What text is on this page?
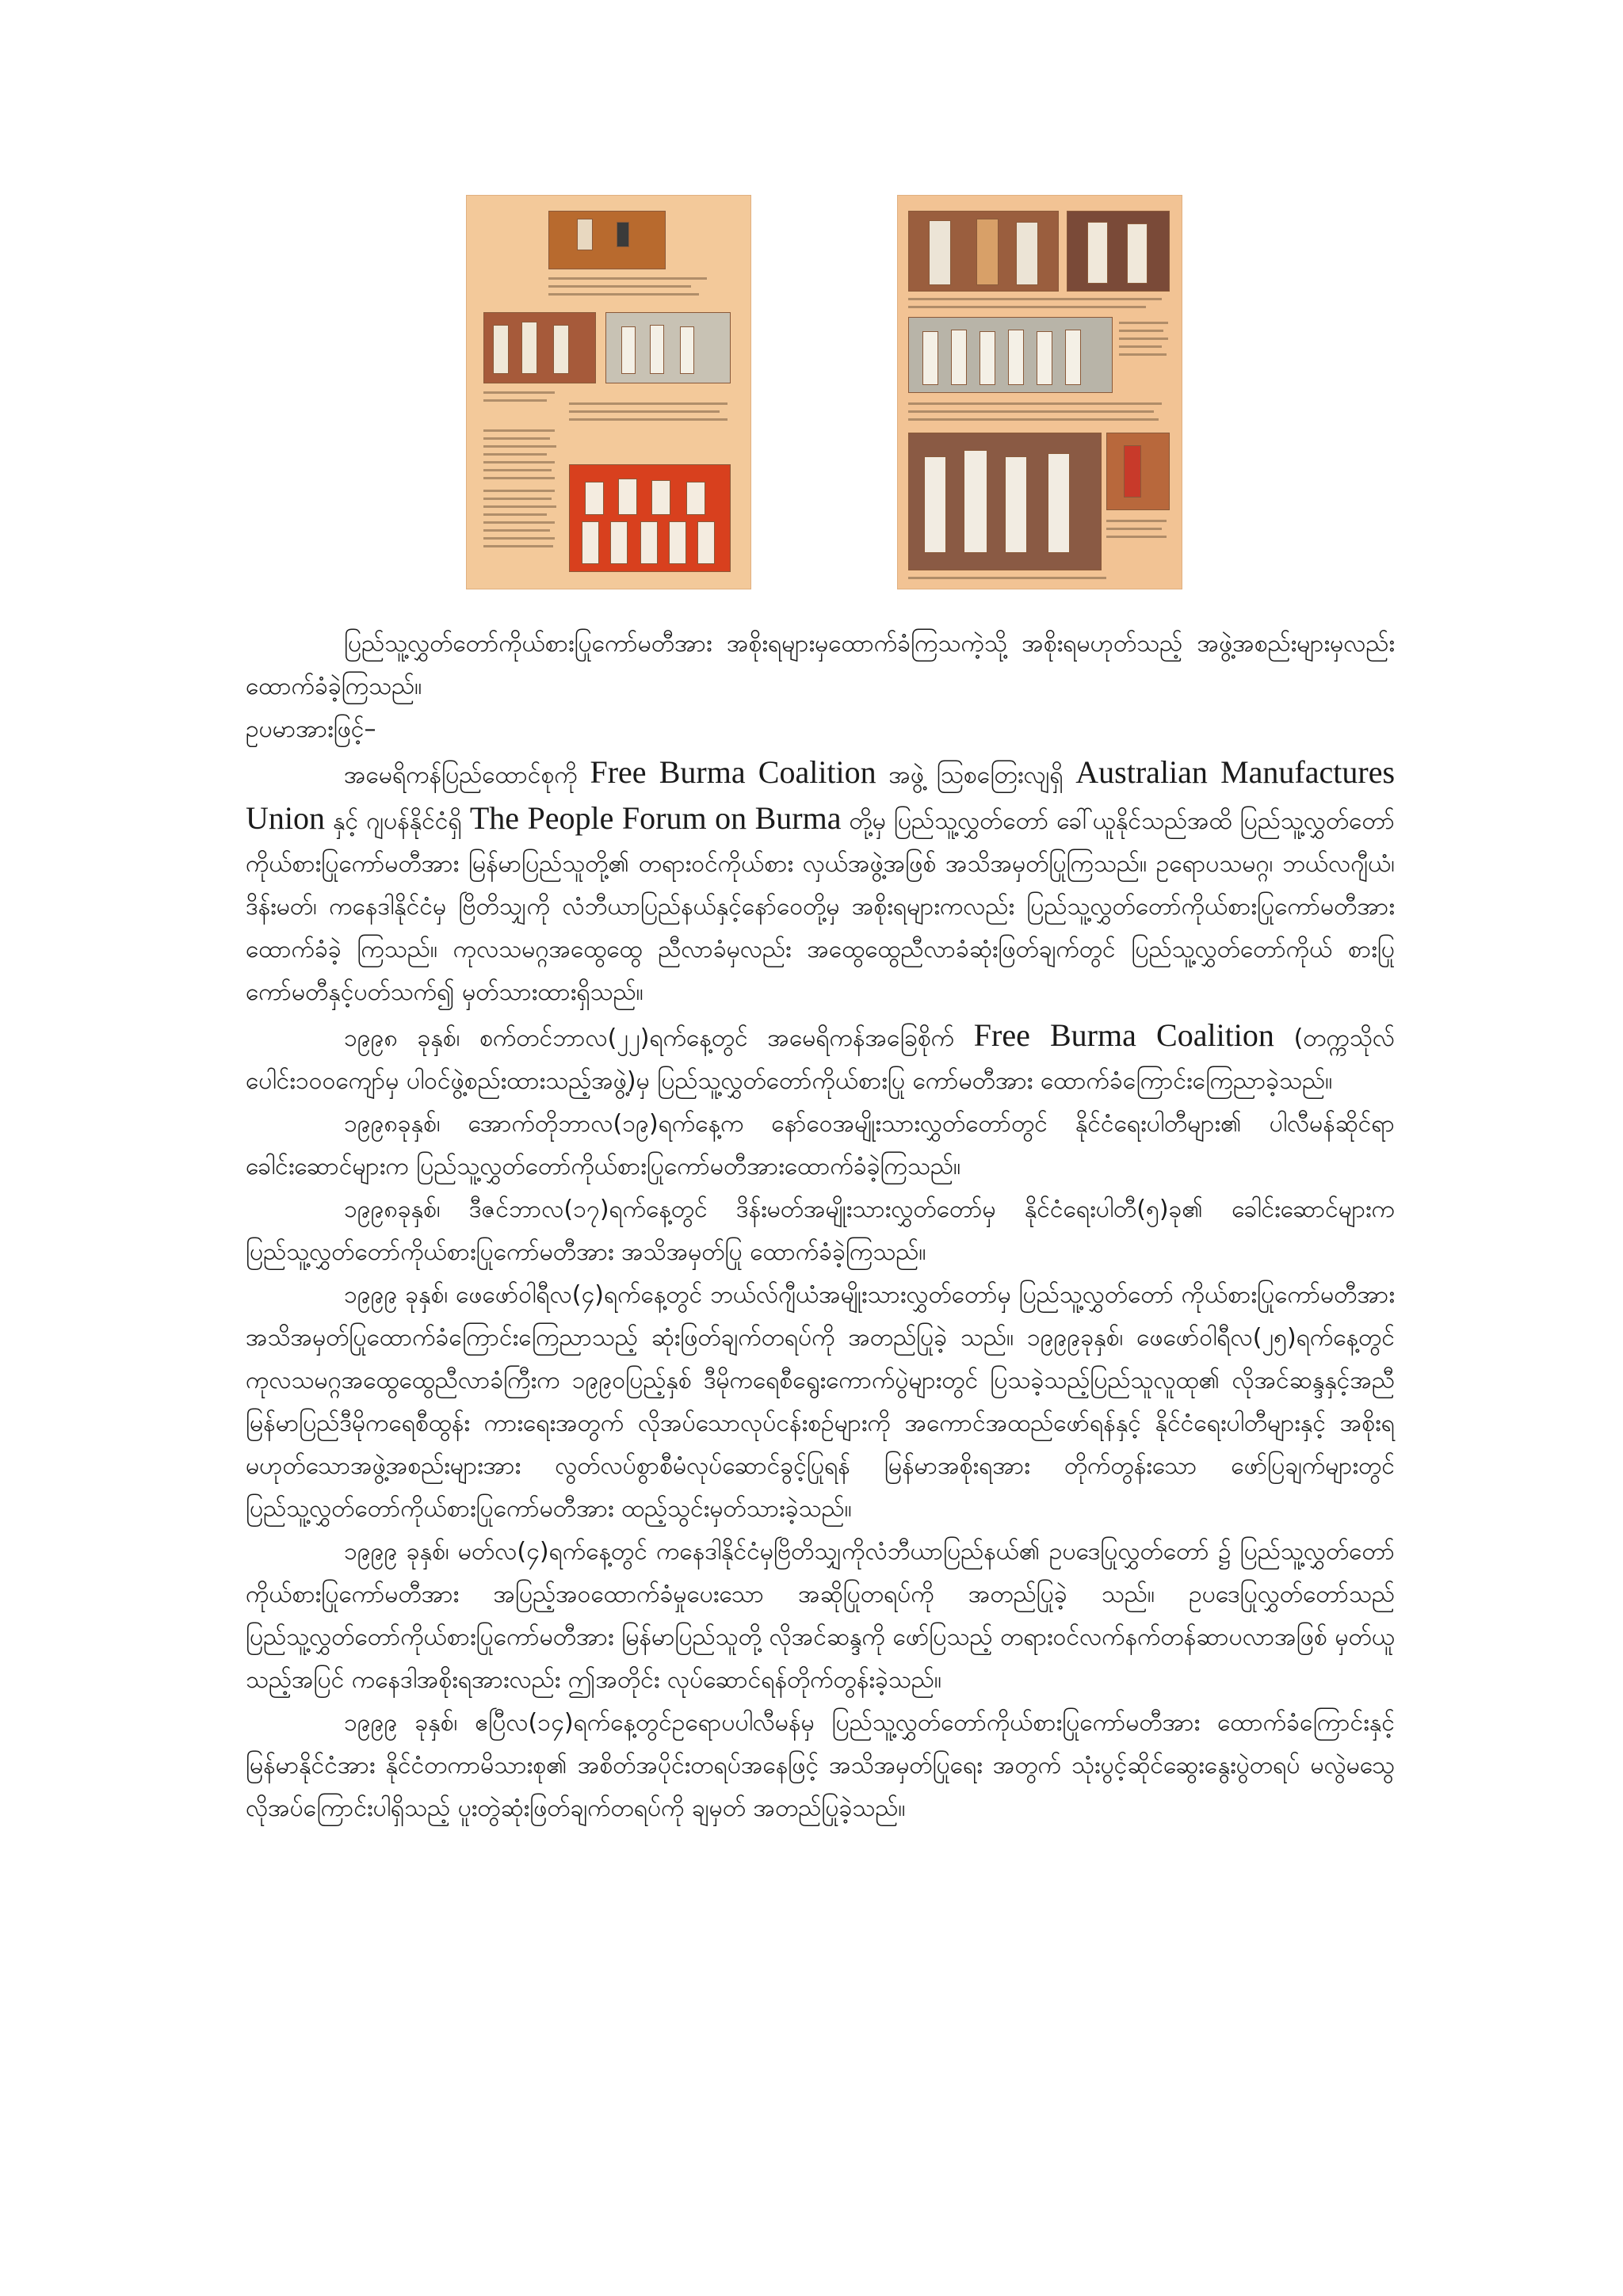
ပြည်သူ့လွှတ်တော်ကိုယ်စားပြုကော်မတီအား အစိုးရများမှထောက်ခံကြသကဲ့သို့ အစိုးရမဟုတ်သည့် အဖွဲ့အစည်းများမှလည်း ထောက်ခံခဲ့ကြသည်။

ဥပမာအားဖြင့်–

အမေရိကန်ပြည်ထောင်စုကို Free Burma Coalition အဖွဲ့ ဩစတြေးလျရှိ Australian Manufactures Union နှင့် ဂျပန်နိုင်ငံရှိ The People Forum on Burma တို့မှ ပြည်သူ့လွှတ်တော် ခေါ်ယူနိုင်သည်အထိ ပြည်သူ့လွှတ်တော်ကိုယ်စားပြုကော်မတီအား မြန်မာပြည်သူတို့၏ တရားဝင်ကိုယ်စား လှယ်အဖွဲ့အဖြစ် အသိအမှတ်ပြုကြသည်။ ဥရောပသမဂ္ဂ၊ ဘယ်လဂျီယံ၊ ဒိန်းမတ်၊ ကနေဒါနိုင်ငံမှ ဗြိတိသျှကို လံဘီယာပြည်နယ်နှင့်နော်ဝေတို့မှ အစိုးရများကလည်း ပြည်သူ့လွှတ်တော်ကိုယ်စားပြုကော်မတီအား ထောက်ခံခဲ့ ကြသည်။ ကုလသမဂ္ဂအထွေထွေ ညီလာခံမှလည်း အထွေထွေညီလာခံဆုံးဖြတ်ချက်တွင် ပြည်သူ့လွှတ်တော်ကိုယ် စားပြုကော်မတီနှင့်ပတ်သက်၍ မှတ်သားထားရှိသည်။

၁၉၉၈ ခုနှစ်၊ စက်တင်ဘာလ(၂၂)ရက်နေ့တွင် အမေရိကန်အခြေစိုက် Free Burma Coalition (တက္ကသိုလ်ပေါင်း၁၀၀ကျော်မှ ပါဝင်ဖွဲ့စည်းထားသည့်အဖွဲ့)မှ ပြည်သူ့လွှတ်တော်ကိုယ်စားပြု ကော်မတီအား ထောက်ခံကြောင်းကြေညာခဲ့သည်။

၁၉၉၈ခုနှစ်၊ အောက်တိုဘာလ(၁၉)ရက်နေ့က နော်ဝေအမျိုးသားလွှတ်တော်တွင် နိုင်ငံရေးပါတီများ၏ ပါလီမန်ဆိုင်ရာခေါင်းဆောင်များက ပြည်သူ့လွှတ်တော်ကိုယ်စားပြုကော်မတီအားထောက်ခံခဲ့ကြသည်။

၁၉၉၈ခုနှစ်၊ ဒီဇင်ဘာလ(၁၇)ရက်နေ့တွင် ဒိန်းမတ်အမျိုးသားလွှတ်တော်မှ နိုင်ငံရေးပါတီ(၅)ခု၏ ခေါင်းဆောင်များက ပြည်သူ့လွှတ်တော်ကိုယ်စားပြုကော်မတီအား အသိအမှတ်ပြု ထောက်ခံခဲ့ကြသည်။

၁၉၉၉ ခုနှစ်၊ ဖေဖော်ဝါရီလ(၄)ရက်နေ့တွင် ဘယ်လ်ဂျီယံအမျိုးသားလွှတ်တော်မှ ပြည်သူ့လွှတ်တော် ကိုယ်စားပြုကော်မတီအား အသိအမှတ်ပြုထောက်ခံကြောင်းကြေညာသည့် ဆုံးဖြတ်ချက်တရပ်ကို အတည်ပြုခဲ့ သည်။ ၁၉၉၉ခုနှစ်၊ ဖေဖော်ဝါရီလ(၂၅)ရက်နေ့တွင် ကုလသမဂ္ဂအထွေထွေညီလာခံကြီးက ၁၉၉၀ပြည့်နှစ် ဒီမိုကရေစီရွေးကောက်ပွဲများတွင် ပြသခဲ့သည့်ပြည်သူလူထု၏ လိုအင်ဆန္ဒနှင့်အညီ မြန်မာပြည်ဒီမိုကရေစီထွန်း ကားရေးအတွက် လိုအပ်သောလုပ်ငန်းစဉ်များကို အကောင်အထည်ဖော်ရန်နှင့် နိုင်ငံရေးပါတီများနှင့် အစိုးရ မဟုတ်သောအဖွဲ့အစည်းများအား လွတ်လပ်စွာစီမံလုပ်ဆောင်ခွင့်ပြုရန် မြန်မာအစိုးရအား တိုက်တွန်းသော ဖော်ပြချက်များတွင် ပြည်သူ့လွှတ်တော်ကိုယ်စားပြုကော်မတီအား ထည့်သွင်းမှတ်သားခဲ့သည်။

၁၉၉၉ ခုနှစ်၊ မတ်လ(၄)ရက်နေ့တွင် ကနေဒါနိုင်ငံမှဗြိတိသျှကိုလံဘီယာပြည်နယ်၏ ဥပဒေပြုလွှတ်တော် ၌ ပြည်သူ့လွှတ်တော်ကိုယ်စားပြုကော်မတီအား အပြည့်အဝထောက်ခံမှုပေးသော အဆိုပြုတရပ်ကို အတည်ပြုခဲ့ သည်။ ဥပဒေပြုလွှတ်တော်သည် ပြည်သူ့လွှတ်တော်ကိုယ်စားပြုကော်မတီအား မြန်မာပြည်သူတို့ လိုအင်ဆန္ဒကို ဖော်ပြသည့် တရားဝင်လက်နက်တန်ဆာပလာအဖြစ် မှတ်ယူသည့်အပြင် ကနေဒါအစိုးရအားလည်း ဤအတိုင်း လုပ်ဆောင်ရန်တိုက်တွန်းခဲ့သည်။

၁၉၉၉ ခုနှစ်၊ ဧပြီလ(၁၄)ရက်နေ့တွင်ဥရောပပါလီမန်မှ ပြည်သူ့လွှတ်တော်ကိုယ်စားပြုကော်မတီအား ထောက်ခံကြောင်းနှင့် မြန်မာနိုင်ငံအား နိုင်ငံတကာမိသားစု၏ အစိတ်အပိုင်းတရပ်အနေဖြင့် အသိအမှတ်ပြုရေး အတွက် သုံးပွင့်ဆိုင်ဆွေးနွေးပွဲတရပ် မလွဲမသွေလိုအပ်ကြောင်းပါရှိသည့် ပူးတွဲဆုံးဖြတ်ချက်တရပ်ကို ချမှတ် အတည်ပြုခဲ့သည်။
